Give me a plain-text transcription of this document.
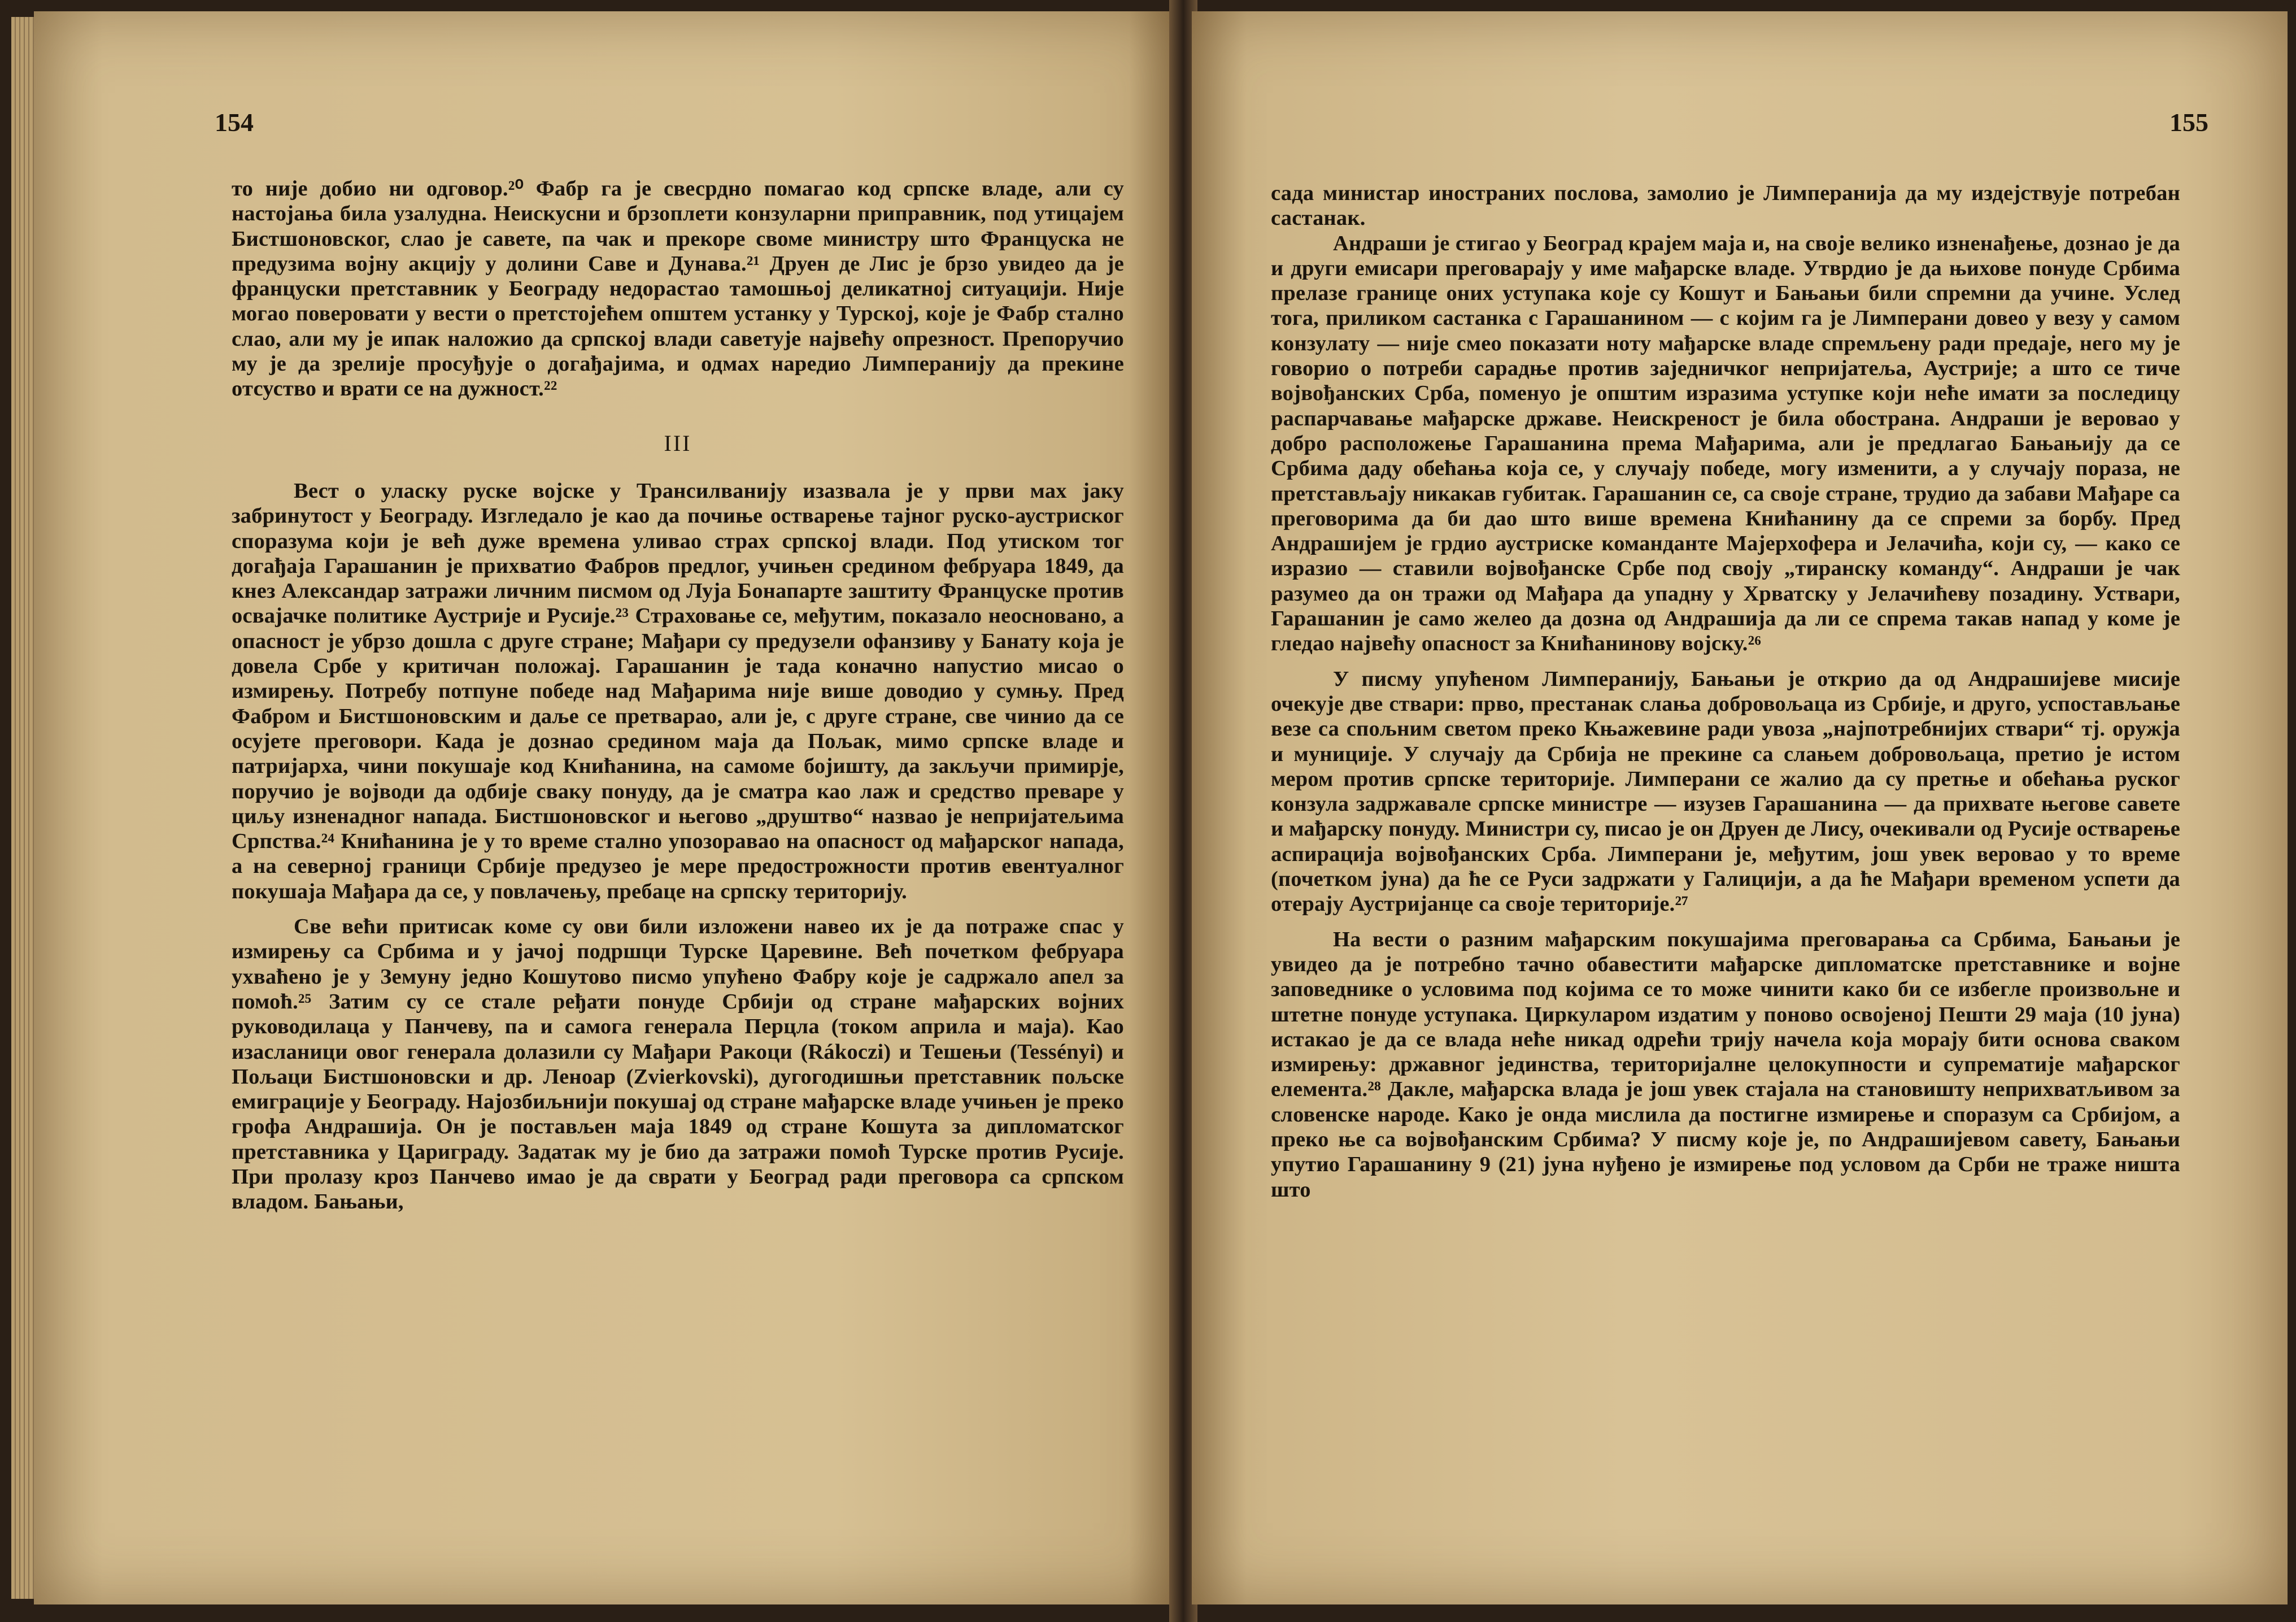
154

то није добио ни одговор.²⁰ Фабр га је свесрдно помагао код српске владе, али су настојања била узалудна. Неискусни и брзоплети конзуларни приправник, под утицајем Бистшоновског, слао је савете, па чак и прекоре своме министру што Француска не предузима војну акцију у долини Саве и Дунава.²¹ Друен де Лис је брзо увидео да је француски претставник у Београду недорастао тамошњој деликатној ситуацији. Није могао поверовати у вести о претстојећем општем устанку у Турској, које је Фабр стално слао, али му је ипак наложио да српској влади саветује највећу опрезност. Препоручио му је да зрелије просуђује о догађајима, и одмах наредио Лимперанију да прекине отсуство и врати се на дужност.²²

III

Вест о уласку руске војске у Трансилванију изазвала је у први мах јаку забринутост у Београду. Изгледало је као да почиње остварење тајног руско-аустриског споразума који је већ дуже времена уливао страх српској влади. Под утиском тог догађаја Гарашанин је прихватио Фабров предлог, учињен средином фебруара 1849, да кнез Александар затражи личним писмом од Луја Бонапарте заштиту Француске против освајачке политике Аустрије и Русије.²³ Страховање се, међутим, показало неосновано, а опасност је убрзо дошла с друге стране; Мађари су предузели офанзиву у Банату која је довела Србе у критичан положај. Гарашанин је тада коначно напустио мисао о измирењу. Потребу потпуне победе над Мађарима није више доводио у сумњу. Пред Фабром и Бистшоновским и даље се претварао, али је, с друге стране, све чинио да се осујете преговори. Када је дознао средином маја да Пољак, мимо српске владе и патријарха, чини покушаје код Книћанина, на самоме бојишту, да закључи примирје, поручио је војводи да одбије сваку понуду, да је сматра као лаж и средство преваре у циљу изненадног напада. Бистшоновског и његово „друштво“ назвао је непријатељима Српства.²⁴ Книћанина је у то време стално упозоравао на опасност од мађарског напада, а на северној граници Србије предузео је мере предострожности против евентуалног покушаја Мађара да се, у повлачењу, пребаце на српску територију.

Све већи притисак коме су ови били изложени навео их је да потраже спас у измирењу са Србима и у јачој подршци Турске Царевине. Већ почетком фебруара ухваћено је у Земуну једно Кошутово писмо упућено Фабру које је садржало апел за помоћ.²⁵ Затим су се стале ређати понуде Србији од стране мађарских војних руководилаца у Панчеву, па и самога генерала Перцла (током априла и маја). Као изасланици овог генерала долазили су Мађари Ракоци (Rákoczi) и Тешењи (Tessényi) и Пољаци Бистшоновски и др. Ленoар (Zvierkovski), дугогодишњи претставник пољске емиграције у Београду. Најозбиљнији покушај од стране мађарске владе учињен је преко грофа Андрашија. Он је постављен маја 1849 од стране Кошута за дипломатског претставника у Цариграду. Задатак му је био да затражи помоћ Турске против Русије. При пролазу кроз Панчево имао је да сврати у Београд ради преговора са српском владом. Бањањи,

155

сада министар иностраних послова, замолио је Лимперанија да му издејствује потребан састанак.

Андраши је стигао у Београд крајем маја и, на своје велико изненађење, дознао је да и други емисари преговарају у име мађарске владе. Утврдио је да њихове понуде Србима прелазе границе оних уступака које су Кошут и Бањањи били спремни да учине. Услед тога, приликом састанка с Гарашанином — с којим га је Лимперани довео у везу у самом конзулату — није смео показати ноту мађарске владе спремљену ради предаје, него му је говорио о потреби сарадње против заједничког непријатеља, Аустрије; а што се тиче војвођанских Срба, поменуо је општим изразима уступке који неће имати за последицу распарчавање мађарске државе. Неискреност је била обострана. Андраши је веровао у добро расположење Гарашанина према Мађарима, али је предлагао Бањањију да се Србима даду обећања која се, у случају победе, могу изменити, а у случају пораза, не претстављају никакав губитак. Гарашанин се, са своје стране, трудио да забави Мађаре са преговорима да би дао што више времена Книћанину да се спреми за борбу. Пред Андрашијем је грдио аустриске команданте Мајерхофера и Јелачића, који су, — како се изразио — ставили војвођанске Србе под своју „тиранску команду“. Андраши је чак разумео да он тражи од Мађара да упадну у Хрватску у Јелачићеву позадину. Уствари, Гарашанин је само желео да дозна од Андрашија да ли се спрема такав напад у коме је гледао највећу опасност за Книћанинову војску.²⁶

У писму упућеном Лимперанију, Бањањи је открио да од Андрашијеве мисије очекује две ствари: прво, престанак слања добровољаца из Србије, и друго, успостављање везе са спољним светом преко Књажевине ради увоза „најпотребнијих ствари“ тј. оружја и муниције. У случају да Србија не прекине са слањем добровољаца, претио је истом мером против српске територије. Лимперани се жалио да су претње и обећања руског конзула задржавале српске министре — изузев Гарашанина — да прихвате његове савете и мађарску понуду. Министри су, писао је он Друен де Лису, очекивали од Русије остварење аспирација војвођанских Срба. Лимперани је, међутим, још увек веровао у то време (почетком јуна) да ће се Руси задржати у Галицији, а да ће Мађари временом успети да отерају Аустријанце са своје територије.²⁷

На вести о разним мађарским покушајима преговарања са Србима, Бањањи је увидео да је потребно тачно обавестити мађарске дипломатске претставнике и војне заповеднике о условима под којима се то може чинити како би се избегле произвољне и штетне понуде уступака. Циркуларом издатим у поново освојеној Пешти 29 маја (10 јуна) истакао је да се влада неће никад одрећи трију начела која морају бити основа сваком измирењу: државног јединства, територијалне целокупности и супрематије мађарског елемента.²⁸ Дакле, мађарска влада је још увек стајала на становишту неприхватљивом за словенске народе. Како је онда мислила да постигне измирење и споразум са Србијом, а преко ње са војвођанским Србима? У писму које је, по Андрашијевом савету, Бањањи упутио Гарашанину 9 (21) јуна нуђено је измирење под условом да Срби не траже ништа што
